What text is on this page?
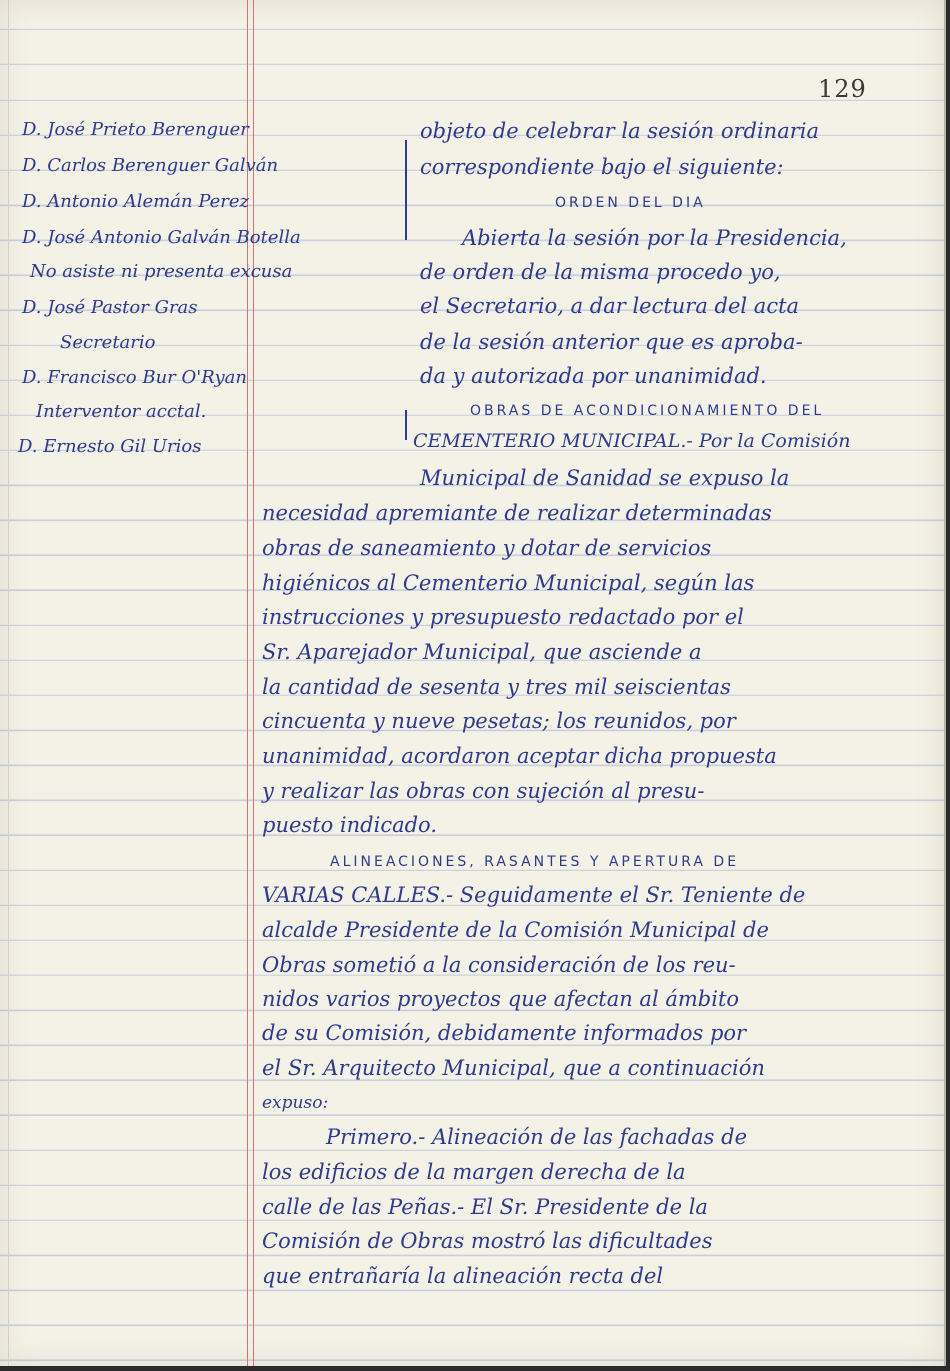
129
D. José Prieto Berenguer
D. Carlos Berenguer Galván
D. Antonio Alemán Perez
D. José Antonio Galván Botella
No asiste ni presenta excusa
D. José Pastor Gras
Secretario
D. Francisco Bur O'Ryan
Interventor acctal.
D. Ernesto Gil Urios
objeto de celebrar la sesión ordinaria
correspondiente bajo el siguiente:
ORDEN DEL DIA
Abierta la sesión por la Presidencia,
de orden de la misma procedo yo,
el Secretario, a dar lectura del acta
de la sesión anterior que es aproba-
da y autorizada por unanimidad.
OBRAS DE ACONDICIONAMIENTO DEL
CEMENTERIO MUNICIPAL.- Por la Comisión
Municipal de Sanidad se expuso la
necesidad apremiante de realizar determinadas
obras de saneamiento y dotar de servicios
higiénicos al Cementerio Municipal, según las
instrucciones y presupuesto redactado por el
Sr. Aparejador Municipal, que asciende a
la cantidad de sesenta y tres mil seiscientas
cincuenta y nueve pesetas; los reunidos, por
unanimidad, acordaron aceptar dicha propuesta
y realizar las obras con sujeción al presu-
puesto indicado.
ALINEACIONES, RASANTES Y APERTURA DE
VARIAS CALLES.- Seguidamente el Sr. Teniente de
alcalde Presidente de la Comisión Municipal de
Obras sometió a la consideración de los reu-
nidos varios proyectos que afectan al ámbito
de su Comisión, debidamente informados por
el Sr. Arquitecto Municipal, que a continuación
expuso:
Primero.- Alineación de las fachadas de
los edificios de la margen derecha de la
calle de las Peñas.- El Sr. Presidente de la
Comisión de Obras mostró las dificultades
que entrañaría la alineación recta del
